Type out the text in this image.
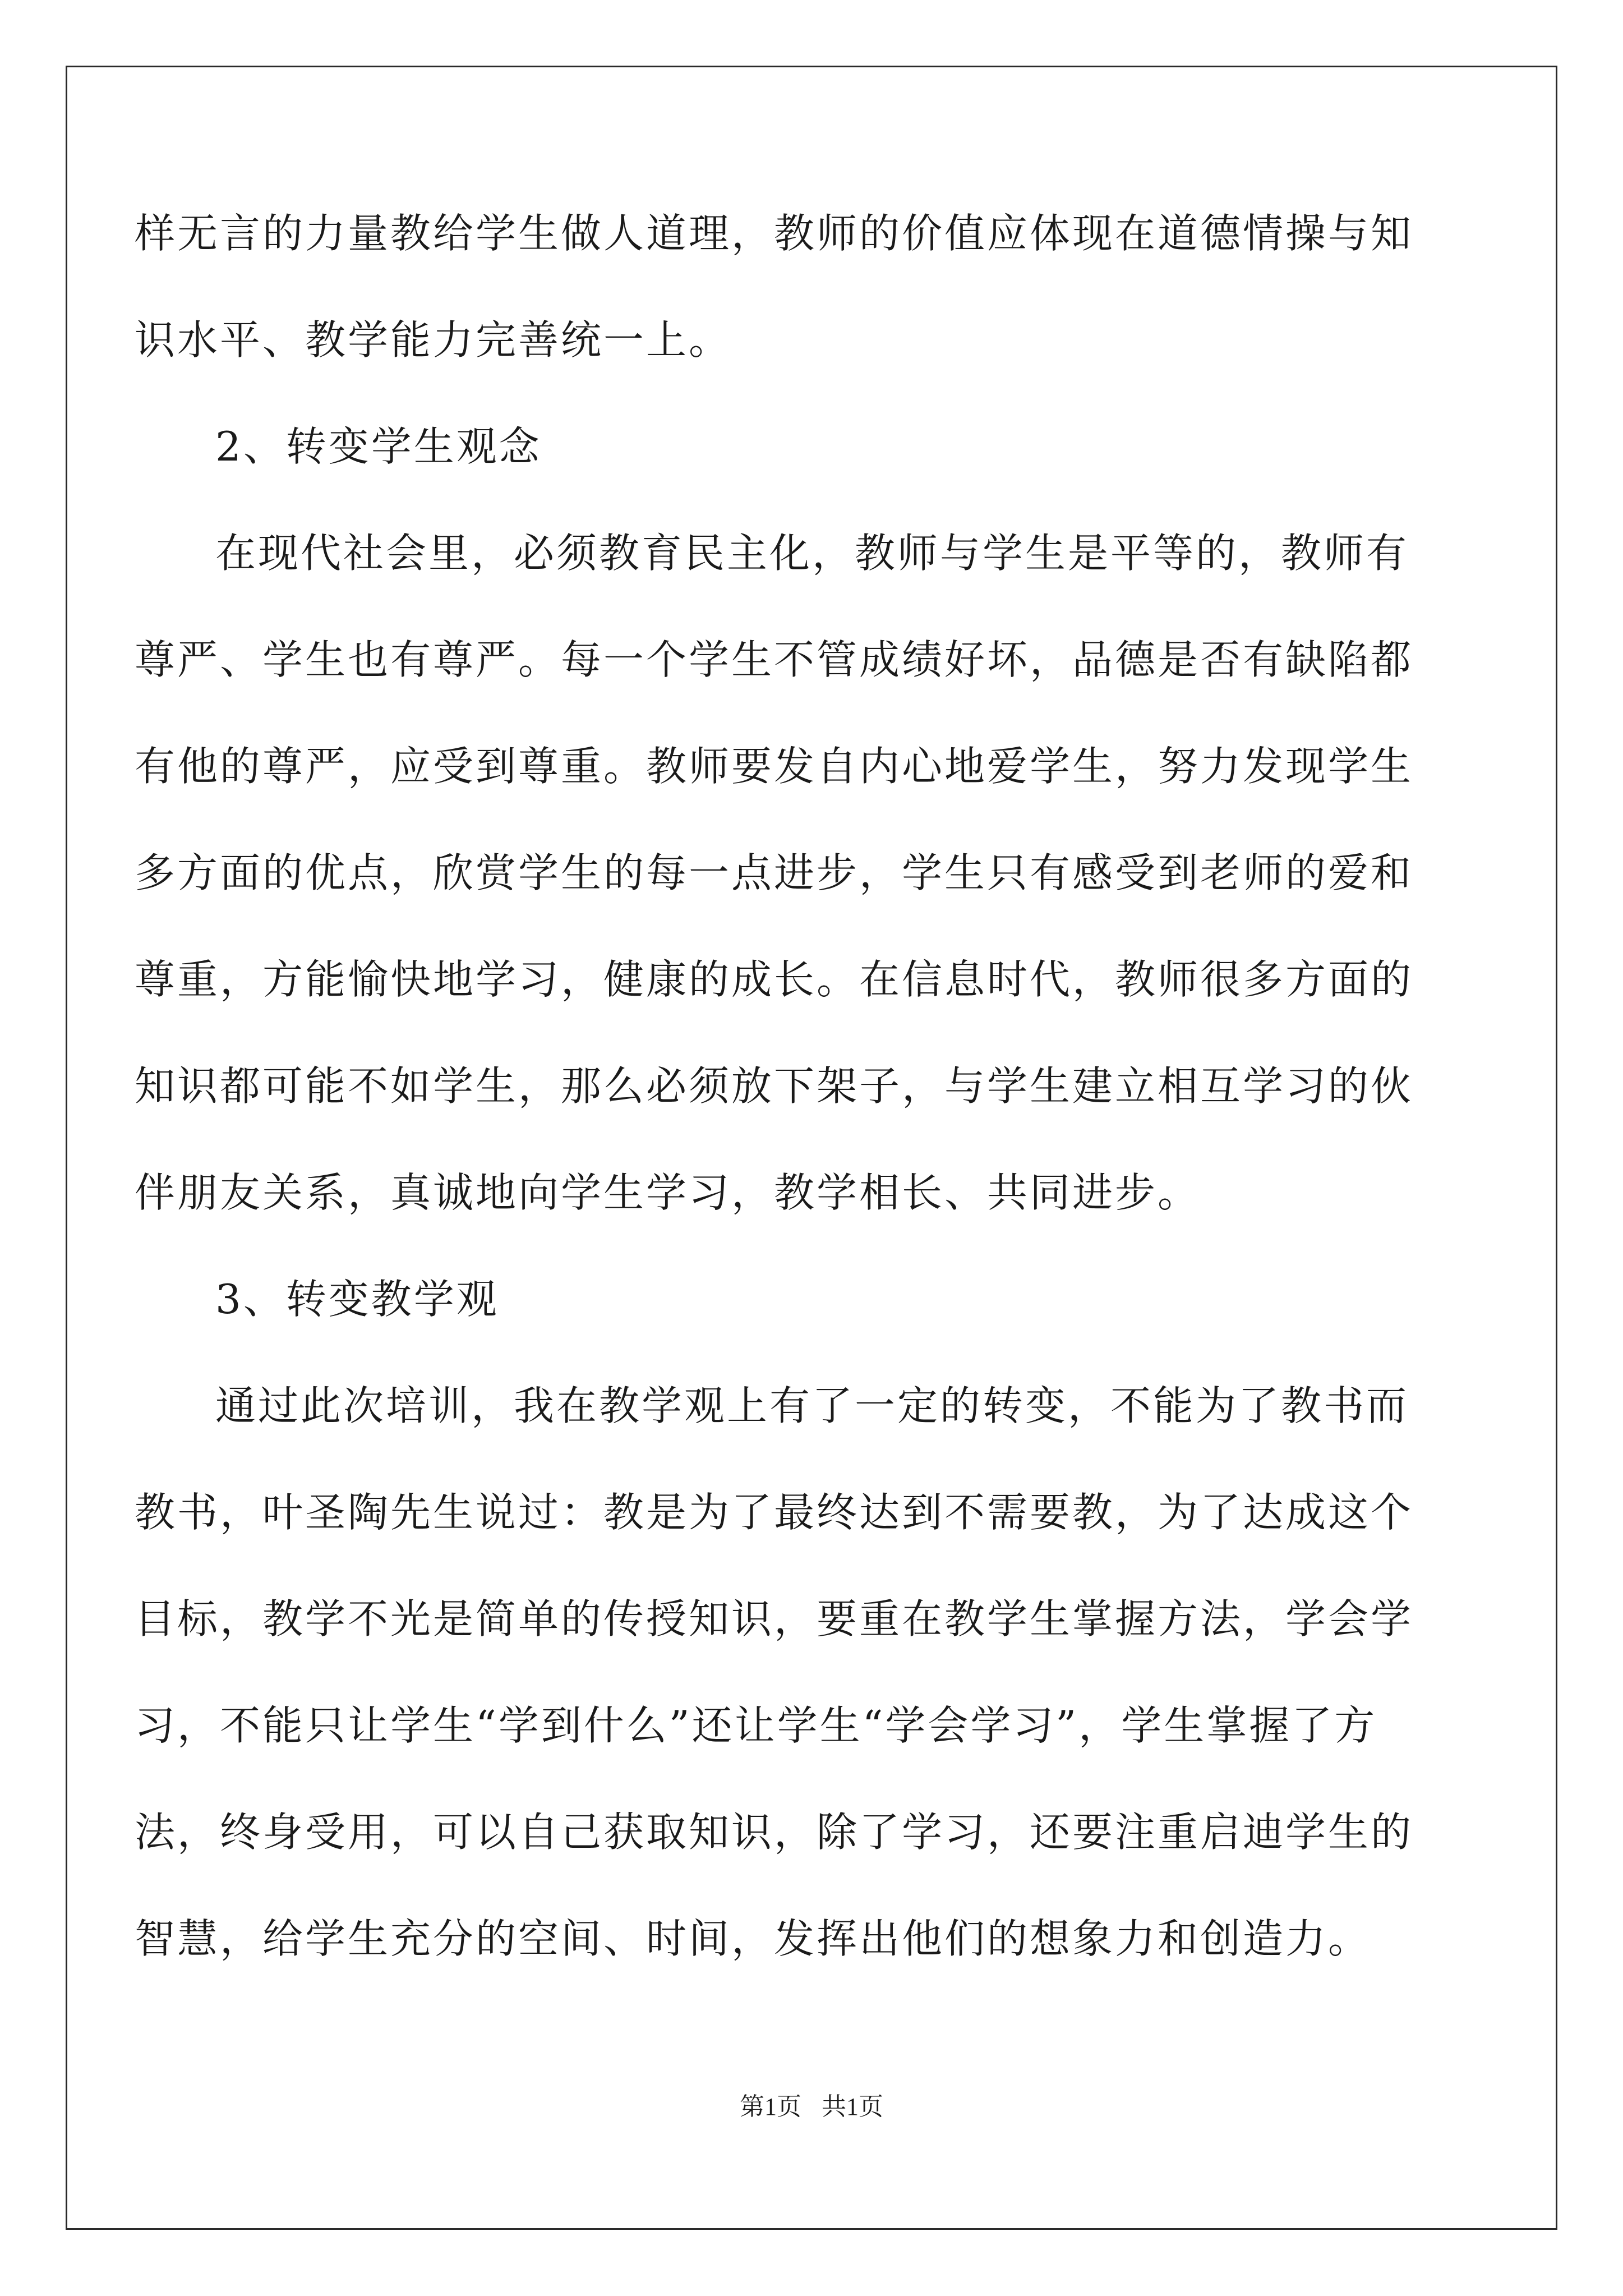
样无言的力量教给学生做人道理，教师的价值应体现在道德情操与知
识水平、教学能力完善统一上。
2、转变学生观念
在现代社会里，必须教育民主化，教师与学生是平等的，教师有
尊严、学生也有尊严。每一个学生不管成绩好坏，品德是否有缺陷都
有他的尊严，应受到尊重。教师要发自内心地爱学生，努力发现学生
多方面的优点，欣赏学生的每一点进步，学生只有感受到老师的爱和
尊重，方能愉快地学习，健康的成长。在信息时代，教师很多方面的
知识都可能不如学生，那么必须放下架子，与学生建立相互学习的伙
伴朋友关系，真诚地向学生学习，教学相长、共同进步。
3、转变教学观
通过此次培训，我在教学观上有了一定的转变，不能为了教书而
教书，叶圣陶先生说过：教是为了最终达到不需要教，为了达成这个
目标，教学不光是简单的传授知识，要重在教学生掌握方法，学会学
习，不能只让学生“学到什么”还让学生“学会学习”，学生掌握了方
法，终身受用，可以自己获取知识，除了学习，还要注重启迪学生的
智慧，给学生充分的空间、时间，发挥出他们的想象力和创造力。
第1页 共1页
